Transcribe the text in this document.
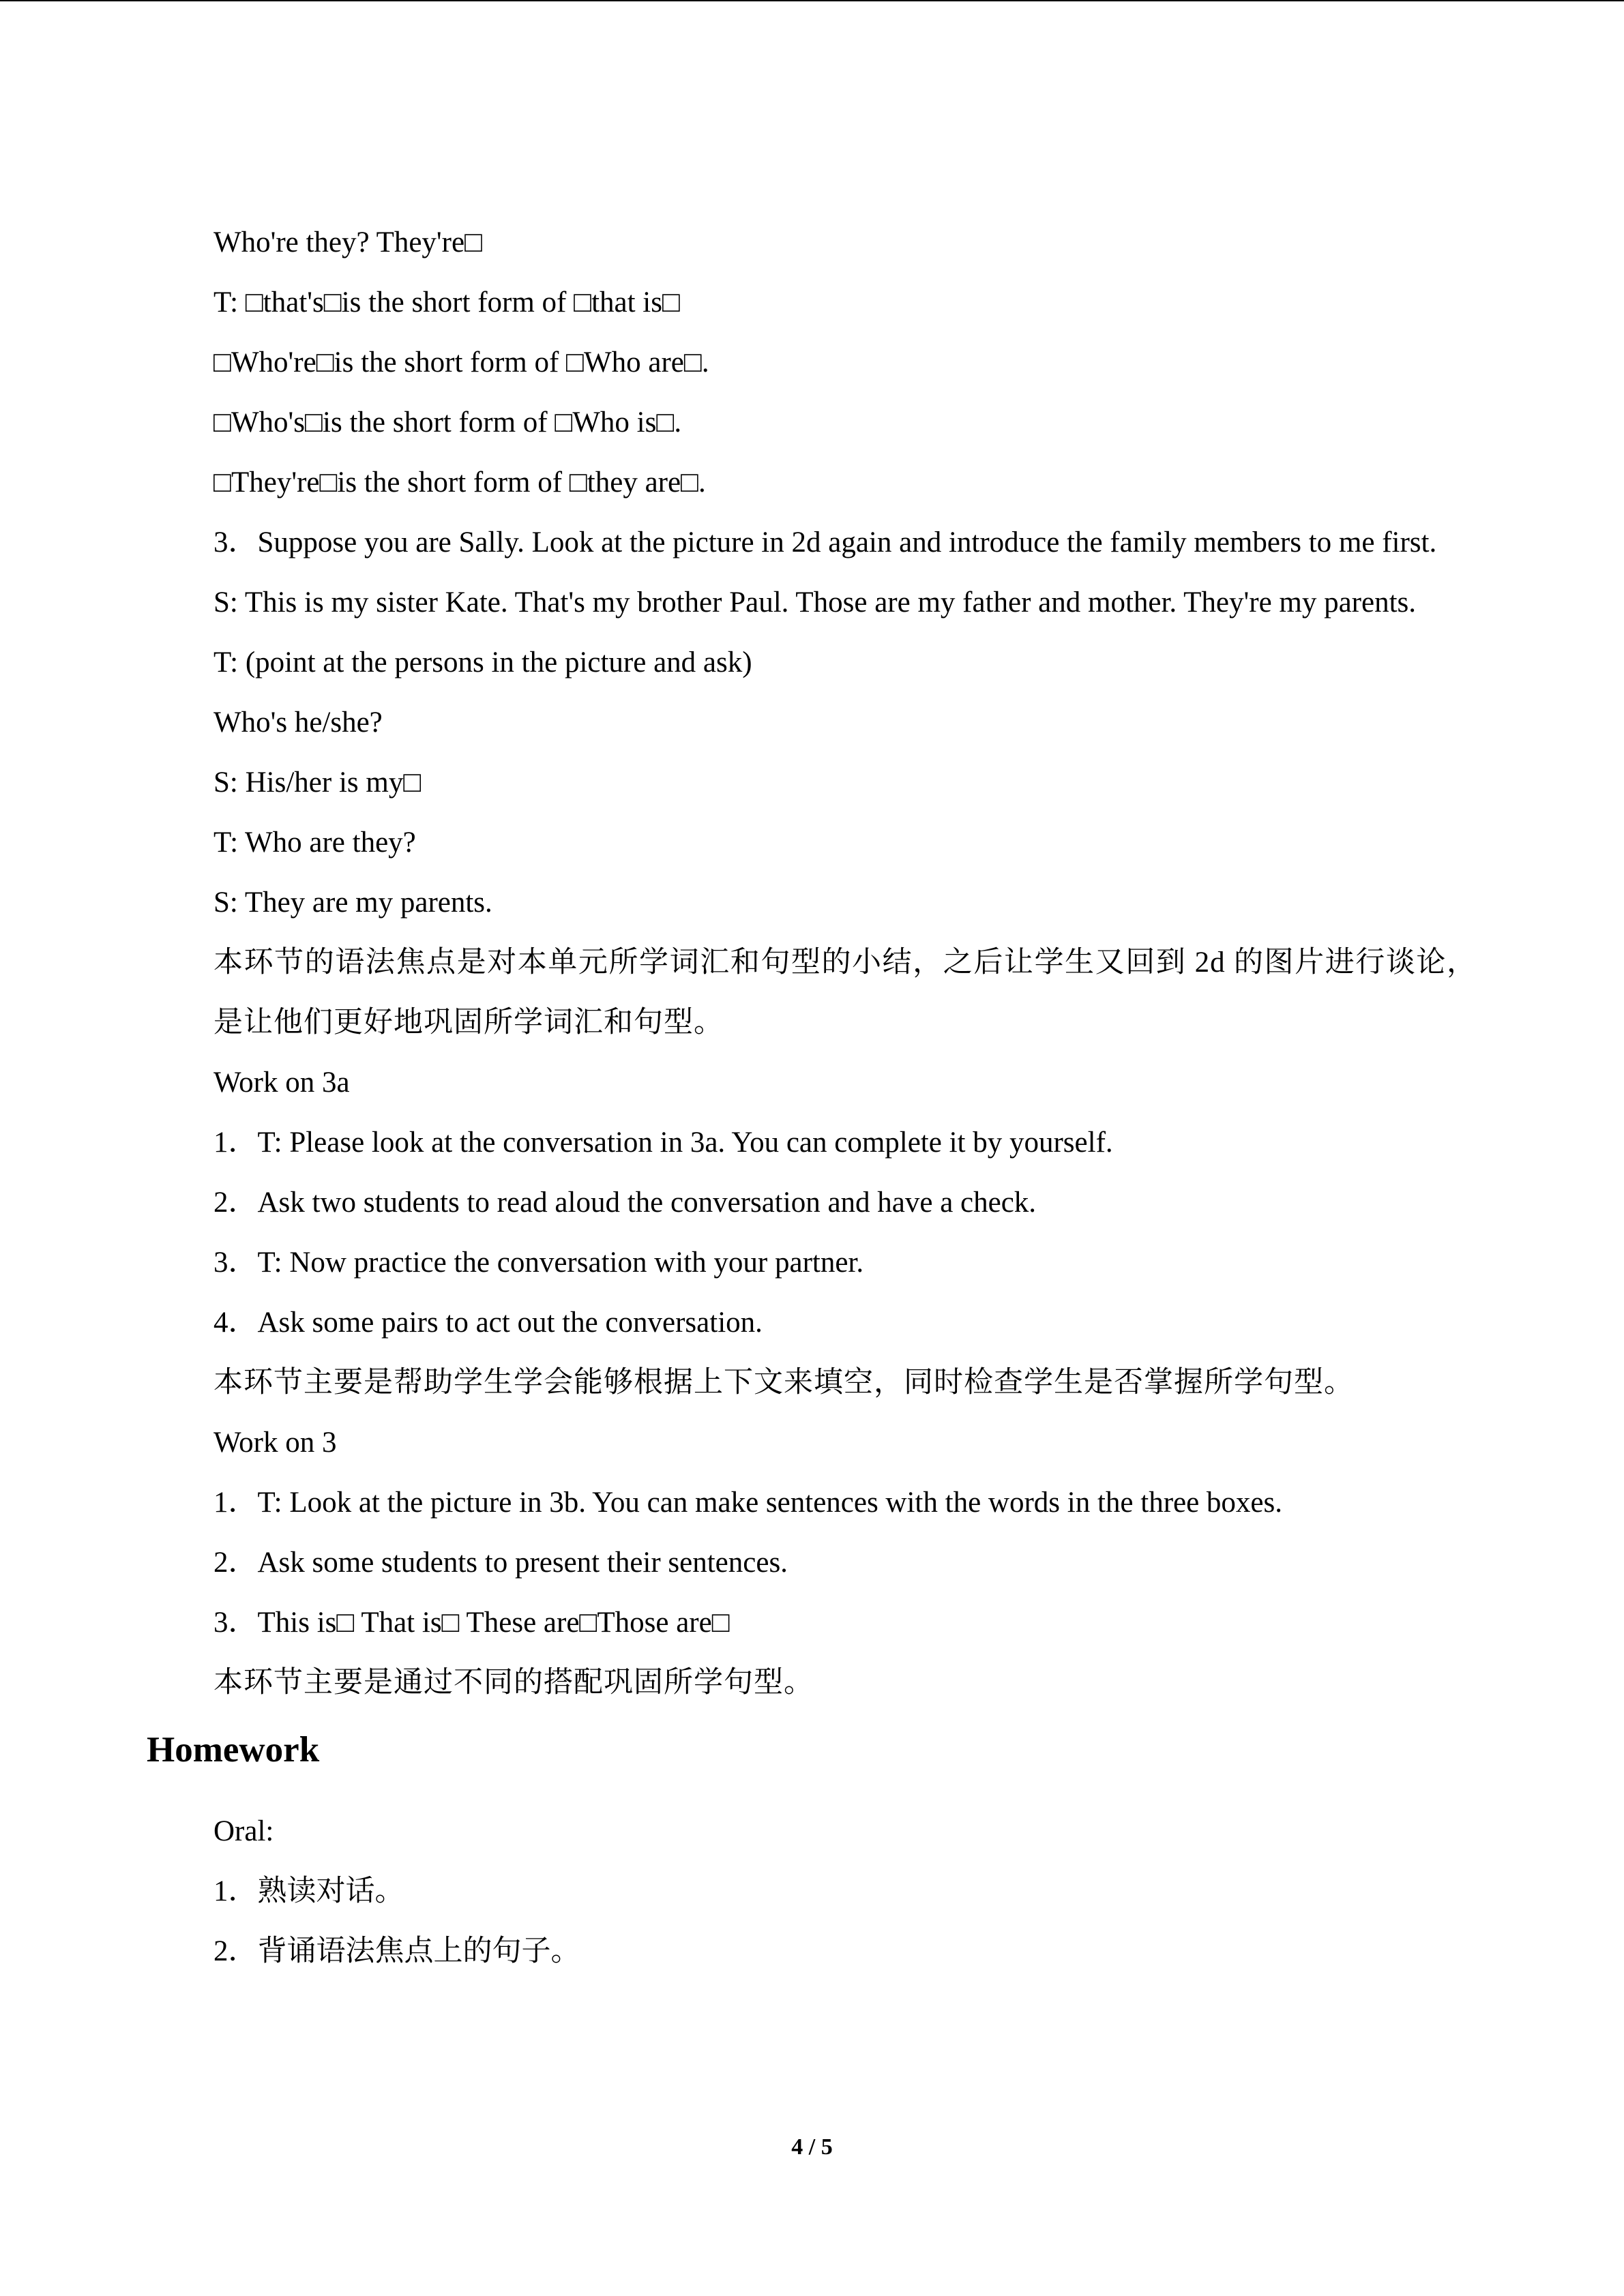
Who're they? They're□

T: □that's□is the short form of □that is□

□Who're□is the short form of □Who are□.

□Who's□is the short form of □Who is□.

□They're□is the short form of □they are□.

3．Suppose you are Sally. Look at the picture in 2d again and introduce the family members to me first.

S: This is my sister Kate. That's my brother Paul. Those are my father and mother. They're my parents.

T: (point at the persons in the picture and ask)

Who's he/she?

S: His/her is my□

T: Who are they?

S: They are my parents.

本环节的语法焦点是对本单元所学词汇和句型的小结，之后让学生又回到 2d 的图片进行谈论，是让他们更好地巩固所学词汇和句型。

Work on 3a

1．T: Please look at the conversation in 3a. You can complete it by yourself.

2．Ask two students to read aloud the conversation and have a check.

3．T: Now practice the conversation with your partner.

4．Ask some pairs to act out the conversation.

本环节主要是帮助学生学会能够根据上下文来填空，同时检查学生是否掌握所学句型。

Work on 3

1．T: Look at the picture in 3b. You can make sentences with the words in the three boxes.

2．Ask some students to present their sentences.

3．This is□ That is□ These are□Those are□

本环节主要是通过不同的搭配巩固所学句型。

Homework

Oral:

1．熟读对话。

2．背诵语法焦点上的句子。

4 / 5
